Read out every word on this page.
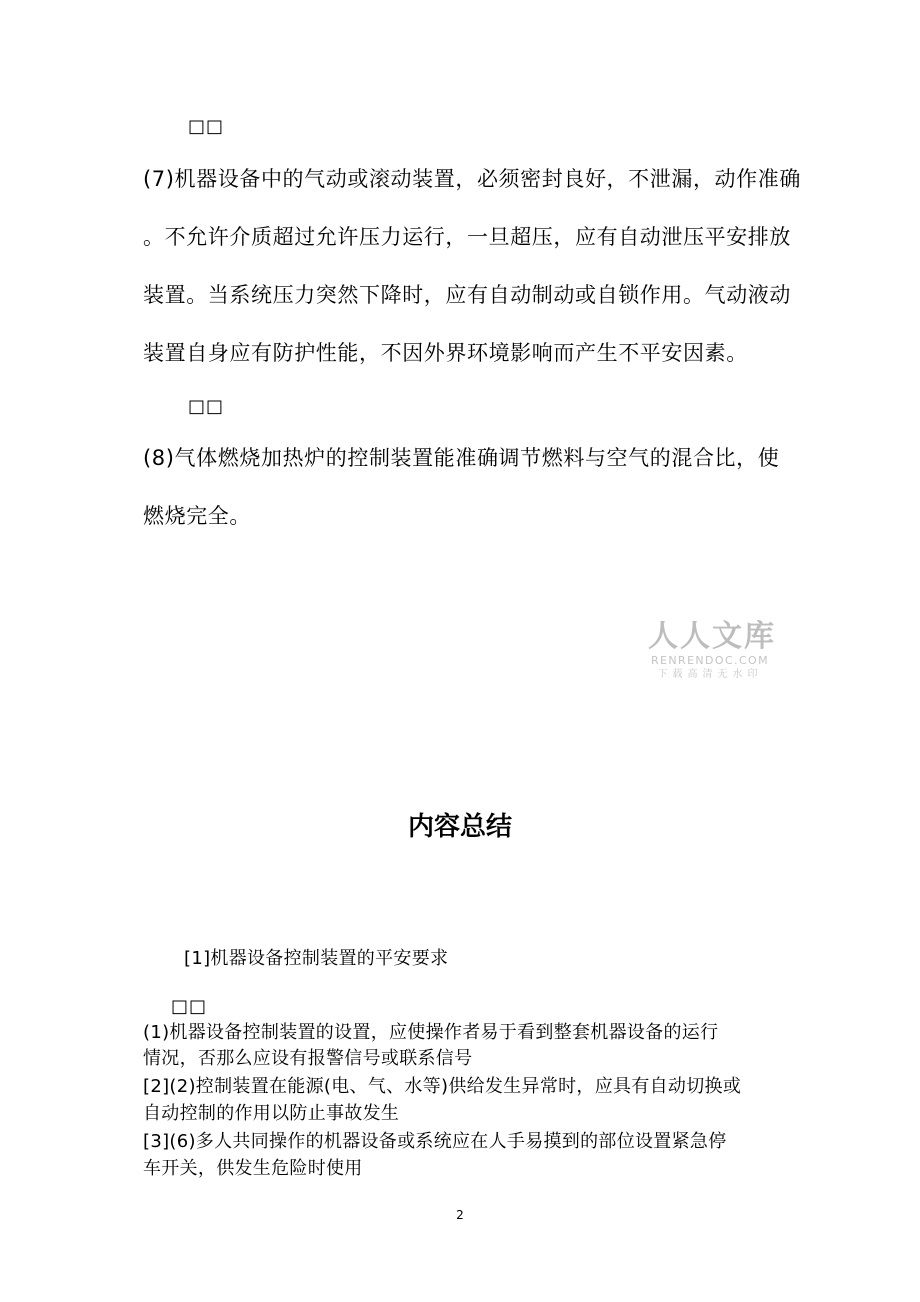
□□
(7)机器设备中的气动或滚动装置，必须密封良好，不泄漏，动作准确
。不允许介质超过允许压力运行，一旦超压，应有自动泄压平安排放
装置。当系统压力突然下降时，应有自动制动或自锁作用。气动液动
装置自身应有防护性能，不因外界环境影响而产生不平安因素。
□□
(8)气体燃烧加热炉的控制装置能准确调节燃料与空气的混合比，使
燃烧完全。
人人文库
RENRENDOC.COM
下载高清无水印
内容总结
[1]机器设备控制装置的平安要求
□□
(1)机器设备控制装置的设置，应使操作者易于看到整套机器设备的运行
情况，否那么应设有报警信号或联系信号
[2](2)控制装置在能源(电、气、水等)供给发生异常时，应具有自动切换或
自动控制的作用以防止事故发生
[3](6)多人共同操作的机器设备或系统应在人手易摸到的部位设置紧急停
车开关，供发生危险时使用
2
